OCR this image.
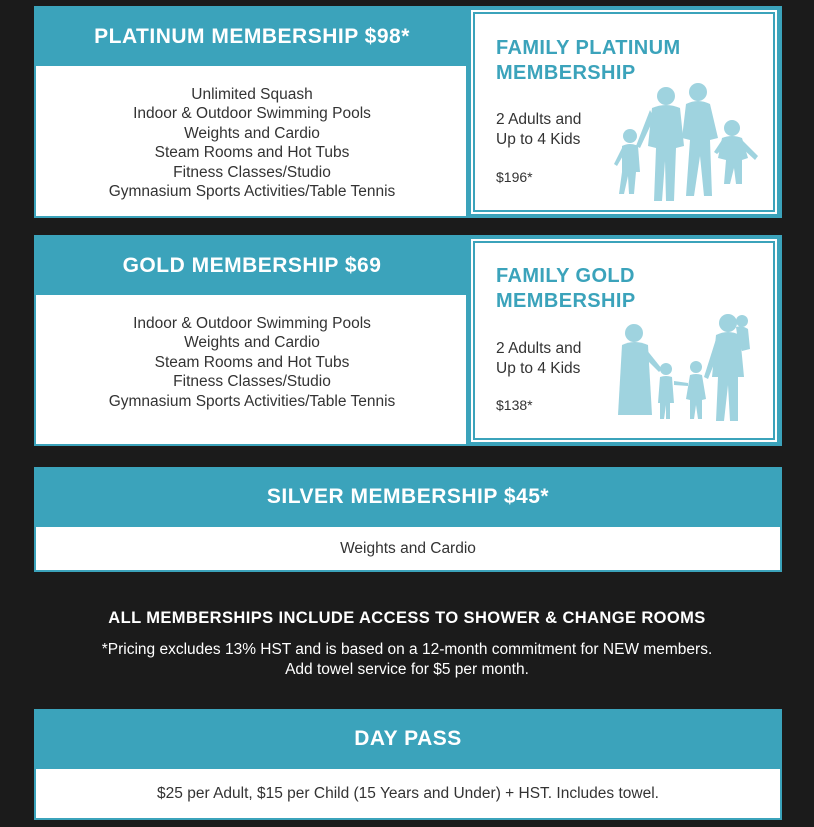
PLATINUM MEMBERSHIP $98*
Unlimited Squash
Indoor & Outdoor Swimming Pools
Weights and Cardio
Steam Rooms and Hot Tubs
Fitness Classes/Studio
Gymnasium Sports Activities/Table Tennis
FAMILY PLATINUM
MEMBERSHIP
2 Adults and
Up to 4 Kids
$196*
GOLD MEMBERSHIP $69
Indoor & Outdoor Swimming Pools
Weights and Cardio
Steam Rooms and Hot Tubs
Fitness Classes/Studio
Gymnasium Sports Activities/Table Tennis
FAMILY GOLD
MEMBERSHIP
2 Adults and
Up to 4 Kids
$138*
SILVER MEMBERSHIP $45*
Weights and Cardio
ALL MEMBERSHIPS INCLUDE ACCESS TO SHOWER & CHANGE ROOMS
*Pricing excludes 13% HST and is based on a 12-month commitment for NEW members.
Add towel service for $5 per month.
DAY PASS
$25 per Adult, $15 per Child (15 Years and Under) + HST. Includes towel.
